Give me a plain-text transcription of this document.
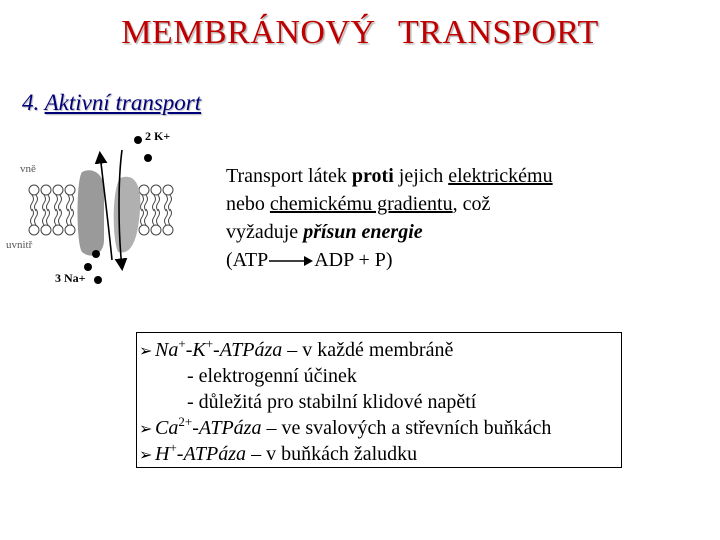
MEMBRÁNOVÝ TRANSPORT
4. Aktivní transport
vně
uvnitř
2 K+
3 Na+
Transport látek proti jejich elektrickému
nebo chemickému gradientu, což
vyžaduje přísun energie
(ATP→ADP + P)
➢ Na+-K+-ATPáza – v každé membráně
- elektrogenní účinek
- důležitá pro stabilní klidové napětí
➢ $Ca^{2+}$-ATPáza – ve svalových a střevních buňkách
➢ H+-ATPáza – v buňkách žaludku
